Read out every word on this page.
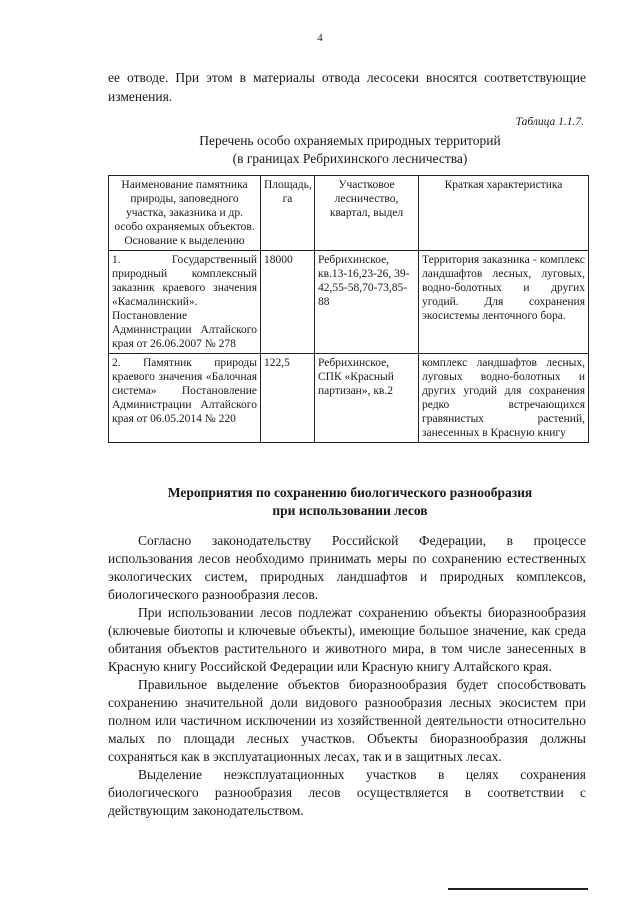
4

ее отводе. При этом в материалы отвода лесосеки вносятся соответствующие изменения.

Таблица 1.1.7.
Перечень особо охраняемых природных территорий
(в границах Ребрихинского лесничества)
Наименование памятника природы, заповедного участка, заказника и др. особо охраняемых объектов. Основание к выделению	Площадь, га	Участковое лесничество, квартал, выдел	Краткая характеристика
1. Государственный природный комплексный заказник краевого значения «Касмалинский». Постановление Администрации Алтайского края от 26.06.2007 № 278	18000	Ребрихинское, кв.13-16,23-26, 39-42,55-58,70-73,85-88	Территория заказника - комплекс ландшафтов лесных, луговых, водно-болотных и других угодий. Для сохранения экосистемы ленточного бора.
2. Памятник природы краевого значения «Балочная система» Постановление Администрации Алтайского края от 06.05.2014 № 220	122,5	Ребрихинское, СПК «Красный партизан», кв.2	комплекс ландшафтов лесных, луговых водно-болотных и других угодий для сохранения редко встречающихся гравянистых растений, занесенных в Красную книгу
Мероприятия по сохранению биологического разнообразия
при использовании лесов

Согласно законодательству Российской Федерации, в процессе использования лесов необходимо принимать меры по сохранению естественных экологических систем, природных ландшафтов и природных комплексов, биологического разнообразия лесов.

При использовании лесов подлежат сохранению объекты биоразнообразия (ключевые биотопы и ключевые объекты), имеющие большое значение, как среда обитания объектов растительного и животного мира, в том числе занесенных в Красную книгу Российской Федерации или Красную книгу Алтайского края.

Правильное выделение объектов биоразнообразия будет способствовать сохранению значительной доли видового разнообразия лесных экосистем при полном или частичном исключении из хозяйственной деятельности относительно малых по площади лесных участков. Объекты биоразнообразия должны сохраняться как в эксплуатационных лесах, так и в защитных лесах.

Выделение неэксплуатационных участков в целях сохранения биологического разнообразия лесов осуществляется в соответствии с действующим законодательством.
